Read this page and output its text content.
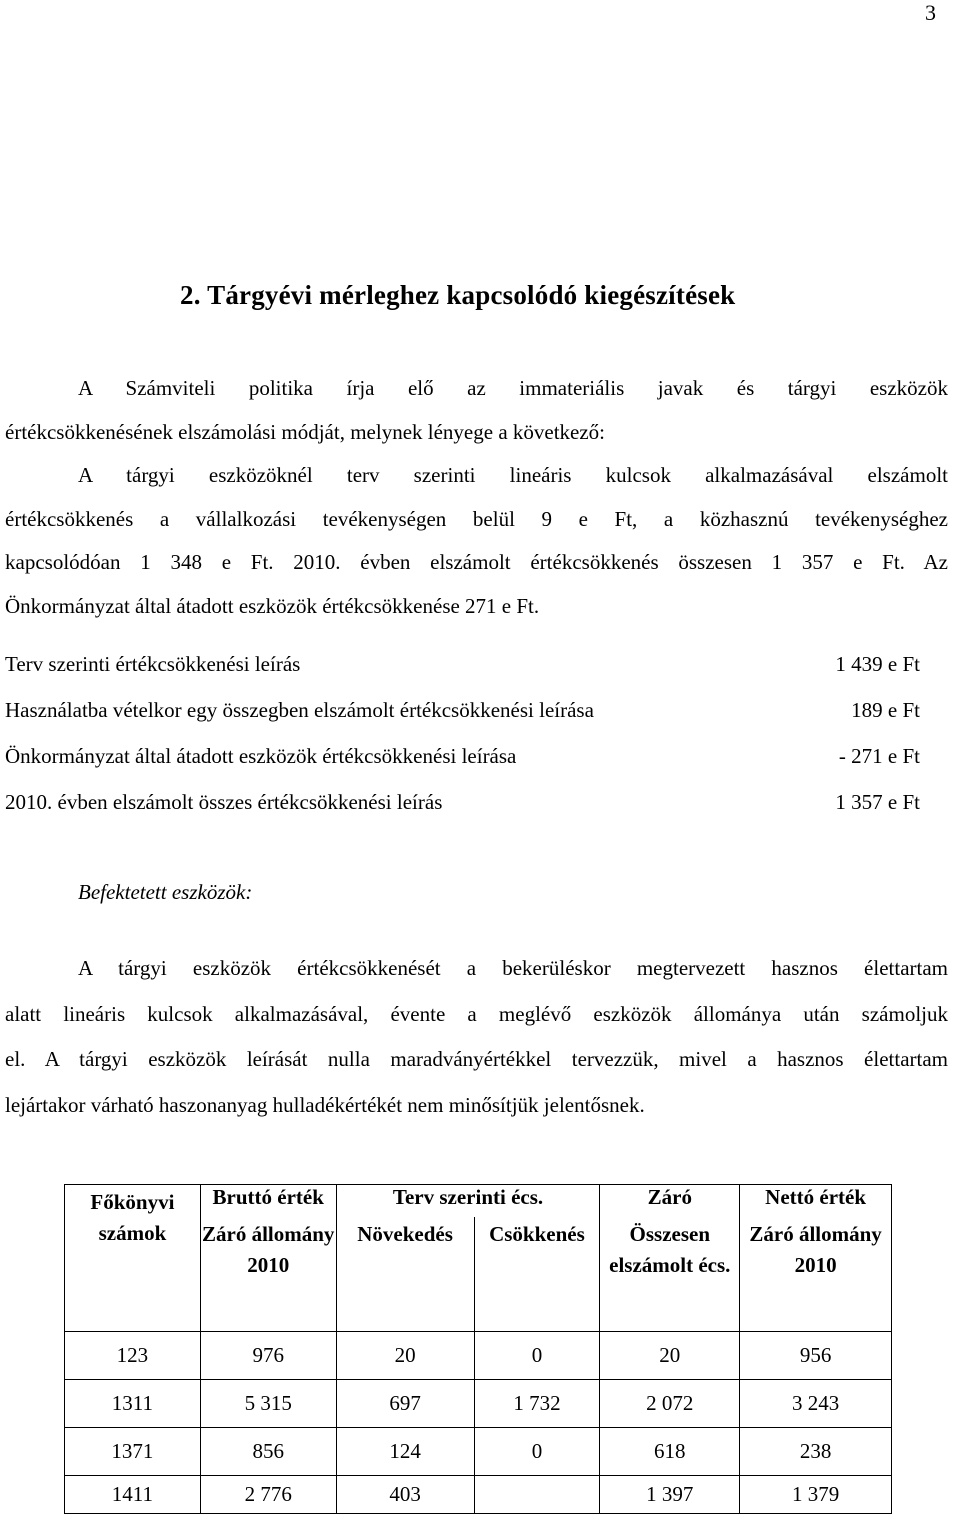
3
2. Tárgyévi mérleghez kapcsolódó kiegészítések
A Számviteli politika írja elő az immateriális javak és tárgyi eszközök
értékcsökkenésének elszámolási módját, melynek lényege a következő:
A tárgyi eszközöknél terv szerinti lineáris kulcsok alkalmazásával elszámolt
értékcsökkenés a vállalkozási tevékenységen belül 9 e Ft, a közhasznú tevékenységhez
kapcsolódóan 1 348 e Ft. 2010. évben elszámolt értékcsökkenés összesen 1 357 e Ft. Az
Önkormányzat által átadott eszközök értékcsökkenése 271 e Ft.
Terv szerinti értékcsökkenési leírás	1 439 e Ft
Használatba vételkor egy összegben elszámolt értékcsökkenési leírása	189 e Ft
Önkormányzat által átadott eszközök értékcsökkenési leírása	- 271 e Ft
2010. évben elszámolt összes értékcsökkenési leírás	1 357 e Ft
Befektetett eszközök:
A tárgyi eszközök értékcsökkenését a bekerüléskor megtervezett hasznos élettartam
alatt lineáris kulcsok alkalmazásával, évente a meglévő eszközök állománya után számoljuk
el. A tárgyi eszközök leírását nulla maradványértékkel tervezzük, mivel a hasznos élettartam
lejártakor várható haszonanyag hulladékértékét nem minősítjük jelentősnek.
Főkönyvi számok	Bruttó érték	Terv szerinti écs.		Záró	Nettó érték
	Záró állomány 2010	Növekedés	Csökkenés	Összesen elszámolt écs.	Záró állomány 2010
123	976	20	0	20	956
1311	5 315	697	1 732	2 072	3 243
1371	856	124	0	618	238
1411	2 776	403		1 397	1 379
